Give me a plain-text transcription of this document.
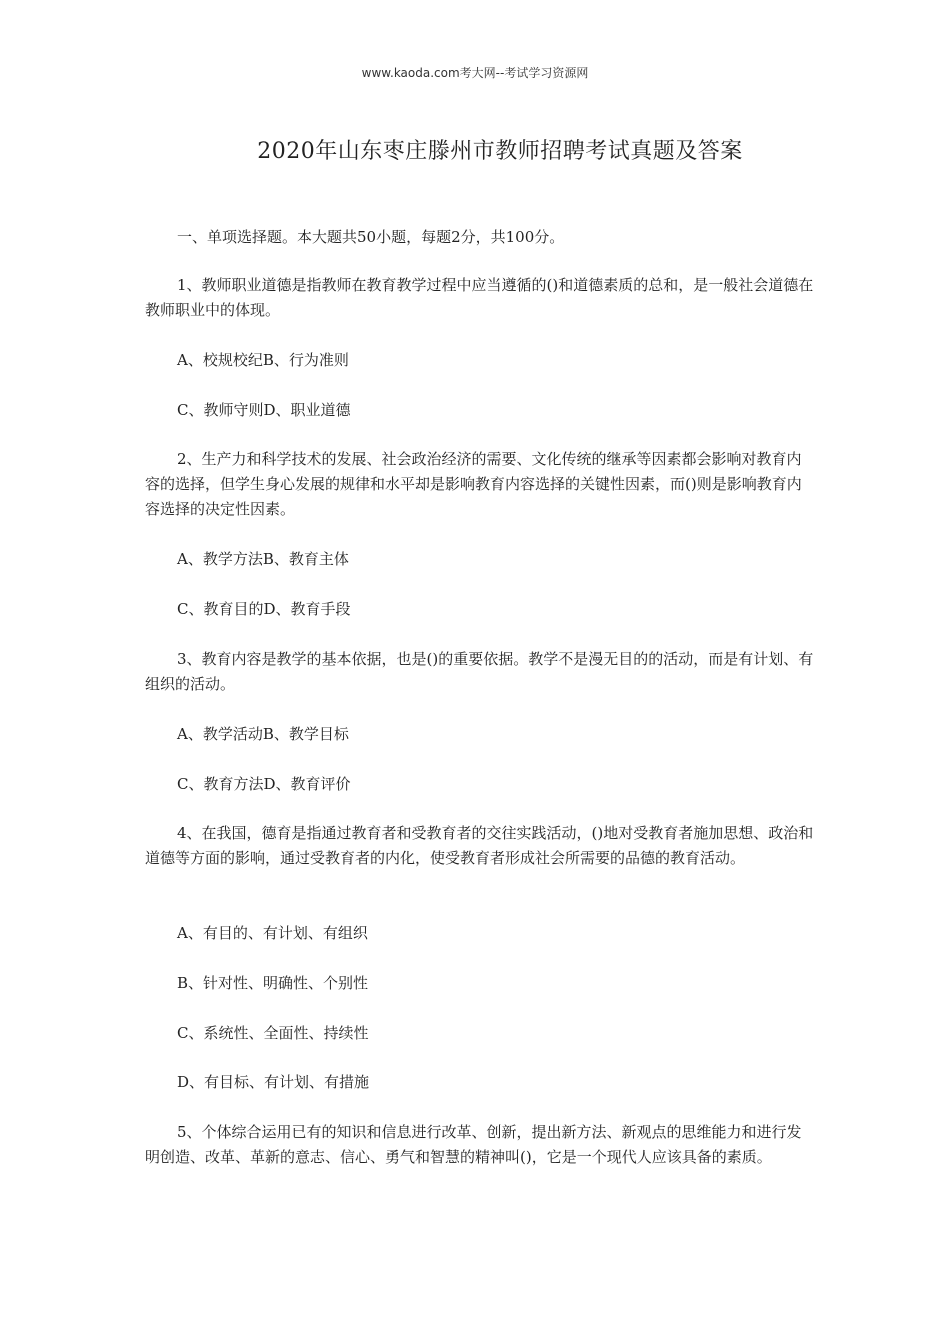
www.kaoda.com考大网--考试学习资源网
2020年山东枣庄滕州市教师招聘考试真题及答案

一、单项选择题。本大题共50小题，每题2分，共100分。

1、教师职业道德是指教师在教育教学过程中应当遵循的()和道德素质的总和，是一般社会道德在教师职业中的体现。

A、校规校纪B、行为准则

C、教师守则D、职业道德

2、生产力和科学技术的发展、社会政治经济的需要、文化传统的继承等因素都会影响对教育内容的选择，但学生身心发展的规律和水平却是影响教育内容选择的关键性因素，而()则是影响教育内容选择的决定性因素。

A、教学方法B、教育主体

C、教育目的D、教育手段

3、教育内容是教学的基本依据，也是()的重要依据。教学不是漫无目的的活动，而是有计划、有组织的活动。

A、教学活动B、教学目标

C、教育方法D、教育评价

4、在我国，德育是指通过教育者和受教育者的交往实践活动，()地对受教育者施加思想、政治和道德等方面的影响，通过受教育者的内化，使受教育者形成社会所需要的品德的教育活动。

A、有目的、有计划、有组织

B、针对性、明确性、个别性

C、系统性、全面性、持续性

D、有目标、有计划、有措施

5、个体综合运用已有的知识和信息进行改革、创新，提出新方法、新观点的思维能力和进行发明创造、改革、革新的意志、信心、勇气和智慧的精神叫()，它是一个现代人应该具备的素质。
